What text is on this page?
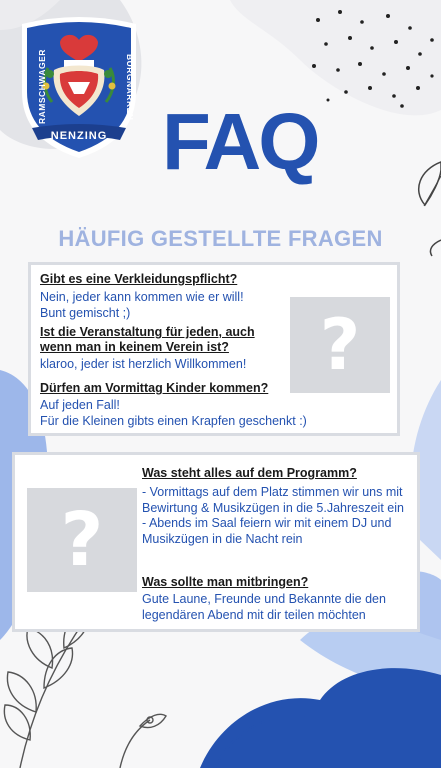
RAMSCHWAGER	BURGNARREN
NENZING FAQ
HÄUFIG GESTELLTE FRAGEN
Gibt es eine Verkleidungspflicht?
Nein, jeder kann kommen wie er will!
Bunt gemischt ;)
Ist die Veranstaltung für jeden, auch wenn man in keinem Verein ist?
klaroo, jeder ist herzlich Willkommen!
Dürfen am Vormittag Kinder kommen?
Auf jeden Fall!
Für die Kleinen gibts einen Krapfen geschenkt :)
?
?
Was steht alles auf dem Programm?
- Vormittags auf dem Platz stimmen wir uns mit Bewirtung & Musikzügen in die 5.Jahreszeit ein
- Abends im Saal feiern wir mit einem DJ und Musikzügen in die Nacht rein
Was sollte man mitbringen?
Gute Laune, Freunde und Bekannte die den legendären Abend mit dir teilen möchten
